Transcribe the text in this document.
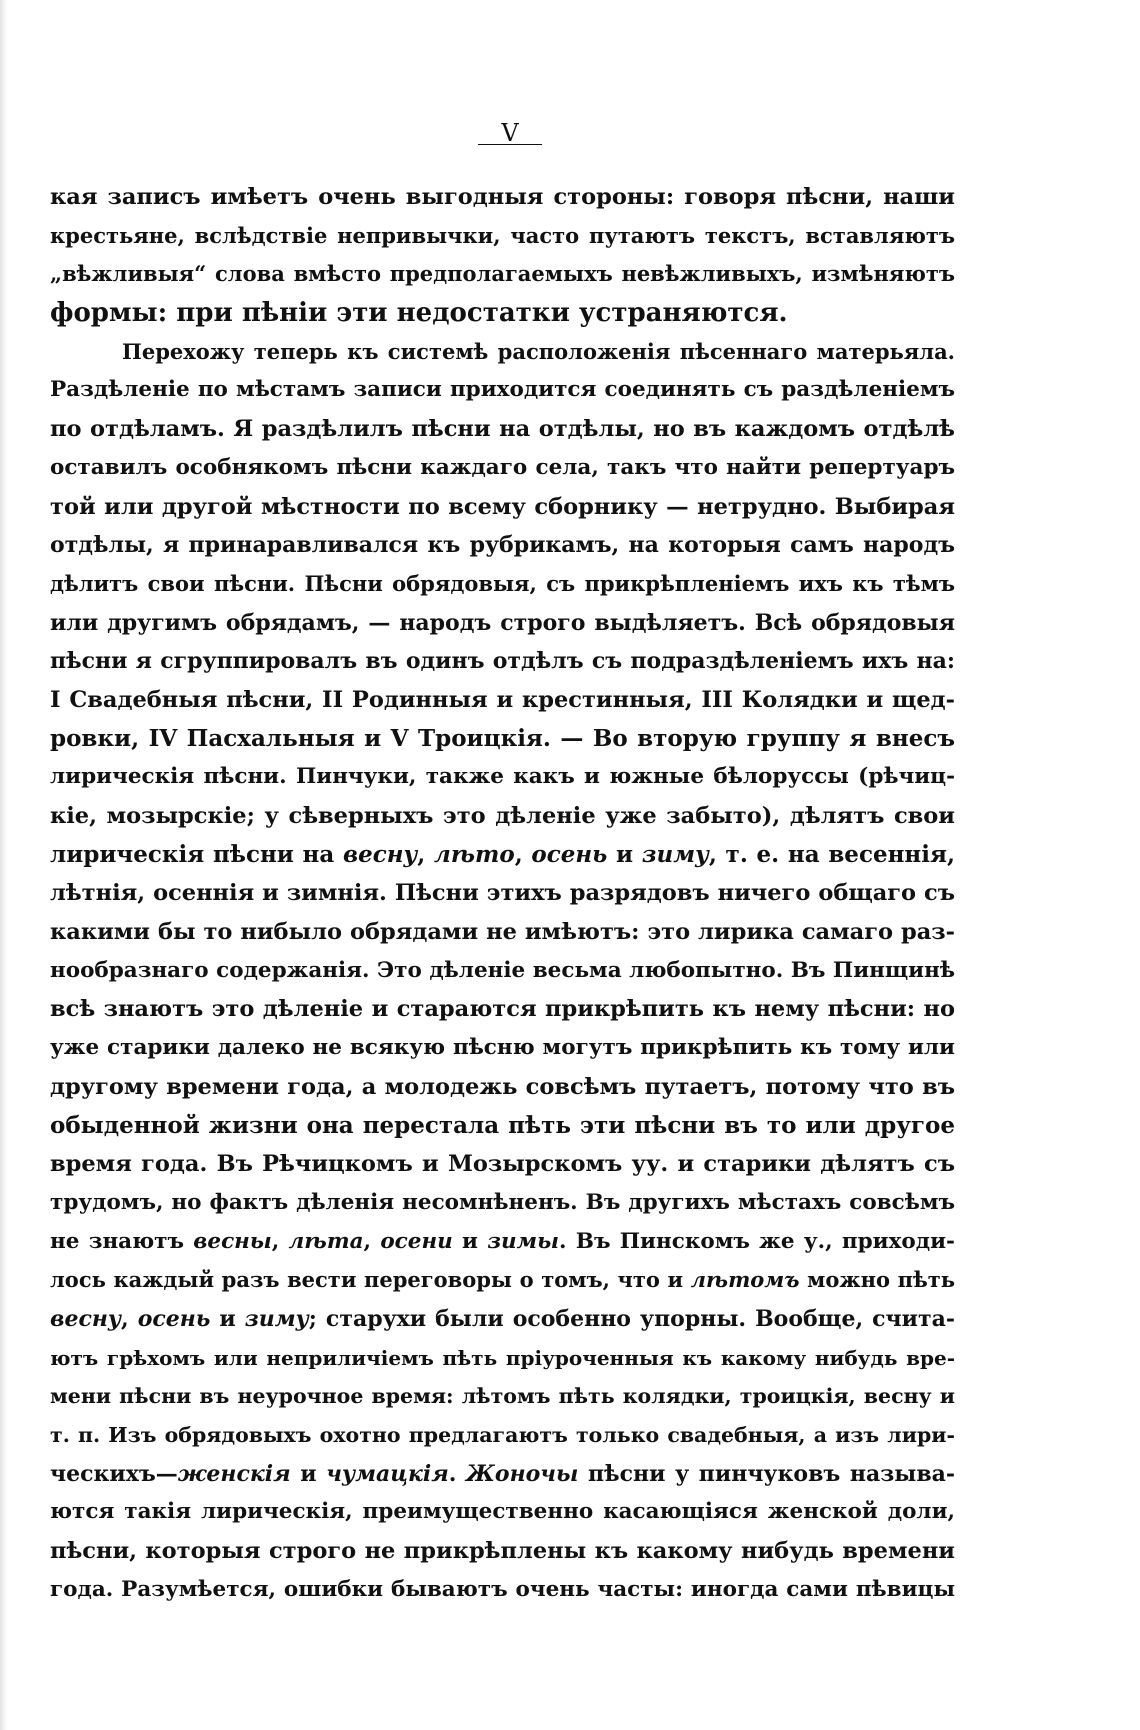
V
кая записъ имѣетъ очень выгодныя стороны: говоря пѣсни, наши
крестьяне, вслѣдствіе непривычки, часто путаютъ текстъ, вставляютъ
„вѣжливыя“ слова вмѣсто предполагаемыхъ невѣжливыхъ, измѣняютъ
формы: при пѣніи эти недостатки устраняются.
Перехожу теперь къ системѣ расположенія пѣсеннаго матерьяла.
Раздѣленіе по мѣстамъ записи приходится соединять съ раздѣленіемъ
по отдѣламъ. Я раздѣлилъ пѣсни на отдѣлы, но въ каждомъ отдѣлѣ
оставилъ особнякомъ пѣсни каждаго села, такъ что найти репертуаръ
той или другой мѣстности по всему сборнику — нетрудно. Выбирая
отдѣлы, я принаравливался къ рубрикамъ, на которыя самъ народъ
дѣлитъ свои пѣсни. Пѣсни обрядовыя, съ прикрѣпленіемъ ихъ къ тѣмъ
или другимъ обрядамъ, — народъ строго выдѣляетъ. Всѣ обрядовыя
пѣсни я сгруппировалъ въ одинъ отдѣлъ съ подраздѣленіемъ ихъ на:
I Свадебныя пѣсни, II Родинныя и крестинныя, III Колядки и щед-
ровки, IV Пасхальныя и V Троицкія. — Во вторую группу я внесъ
лирическія пѣсни. Пинчуки, также какъ и южные бѣлоруссы (рѣчиц-
кіе, мозырскіе; у сѣверныхъ это дѣленіе уже забыто), дѣлятъ свои
лирическія пѣсни на весну, лѣто, осень и зиму, т. е. на весеннія,
лѣтнія, осеннія и зимнія. Пѣсни этихъ разрядовъ ничего общаго съ
какими бы то нибыло обрядами не имѣютъ: это лирика самаго раз-
нообразнаго содержанія. Это дѣленіе весьма любопытно. Въ Пинщинѣ
всѣ знаютъ это дѣленіе и стараются прикрѣпить къ нему пѣсни: но
уже старики далеко не всякую пѣсню могутъ прикрѣпить къ тому или
другому времени года, а молодежь совсѣмъ путаетъ, потому что въ
обыденной жизни она перестала пѣть эти пѣсни въ то или другое
время года. Въ Рѣчицкомъ и Мозырскомъ уу. и старики дѣлятъ съ
трудомъ, но фактъ дѣленія несомнѣненъ. Въ другихъ мѣстахъ совсѣмъ
не знаютъ весны, лѣта, осени и зимы. Въ Пинскомъ же у., приходи-
лось каждый разъ вести переговоры о томъ, что и лѣтомъ можно пѣть
весну, осень и зиму; старухи были особенно упорны. Вообще, счита-
ютъ грѣхомъ или неприличіемъ пѣть пріуроченныя къ какому нибудь вре-
мени пѣсни въ неурочное время: лѣтомъ пѣть колядки, троицкія, весну и
т. п. Изъ обрядовыхъ охотно предлагаютъ только свадебныя, а изъ лири-
ческихъ—женскія и чумацкія. Жоночы пѣсни у пинчуковъ называ-
ются такія лирическія, преимущественно касающіяся женской доли,
пѣсни, которыя строго не прикрѣплены къ какому нибудь времени
года. Разумѣется, ошибки бываютъ очень часты: иногда сами пѣвицы
